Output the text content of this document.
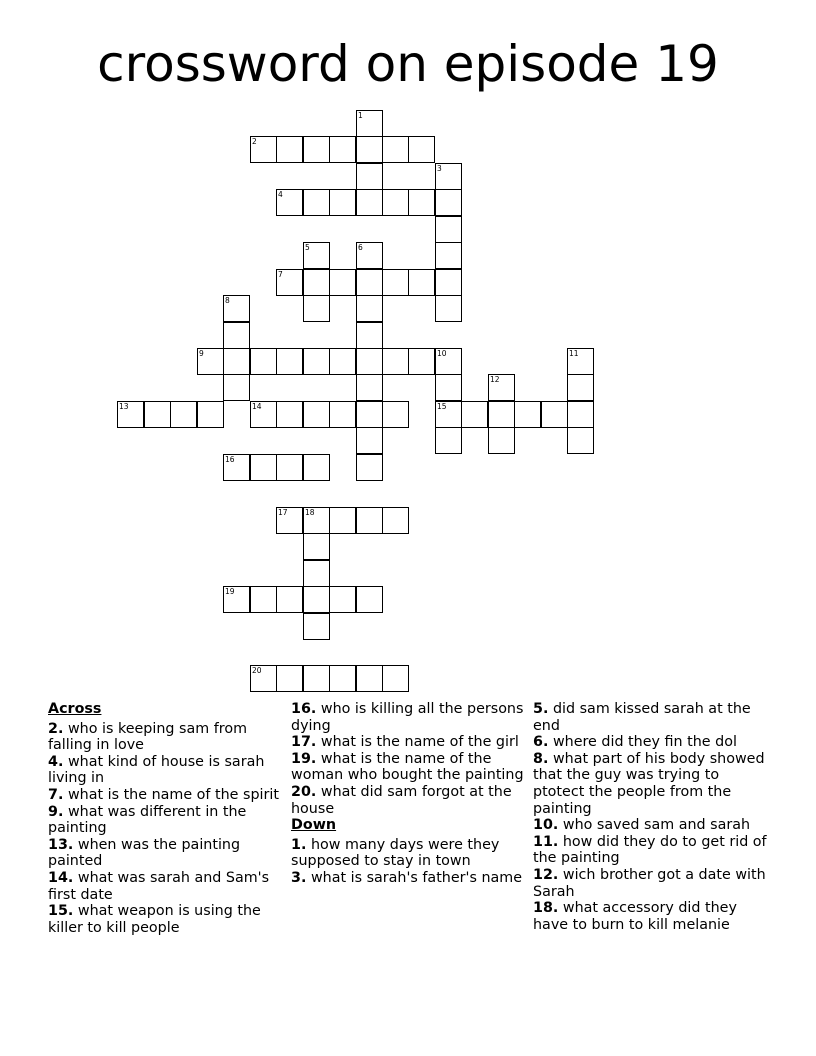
crossword on episode 19
1
2
3
4
5	6
7
8
9	10	11
12
13	14	15
16
17 18
19
20
Across
2. who is keeping sam from falling in love
4. what kind of house is sarah living in
7. what is the name of the spirit
9. what was different in the painting
13. when was the painting painted
14. what was sarah and Sam's first date
15. what weapon is using the killer to kill people
16. who is killing all the persons dying
17. what is the name of the girl
19. what is the name of the woman who bought the painting
20. what did sam forgot at the house
Down
1. how many days were they supposed to stay in town
3. what is sarah's father's name
5. did sam kissed sarah at the end
6. where did they fin the dol
8. what part of his body showed that the guy was trying to ptotect the people from the painting
10. who saved sam and sarah
11. how did they do to get rid of the painting
12. wich brother got a date with Sarah
18. what accessory did they have to burn to kill melanie
